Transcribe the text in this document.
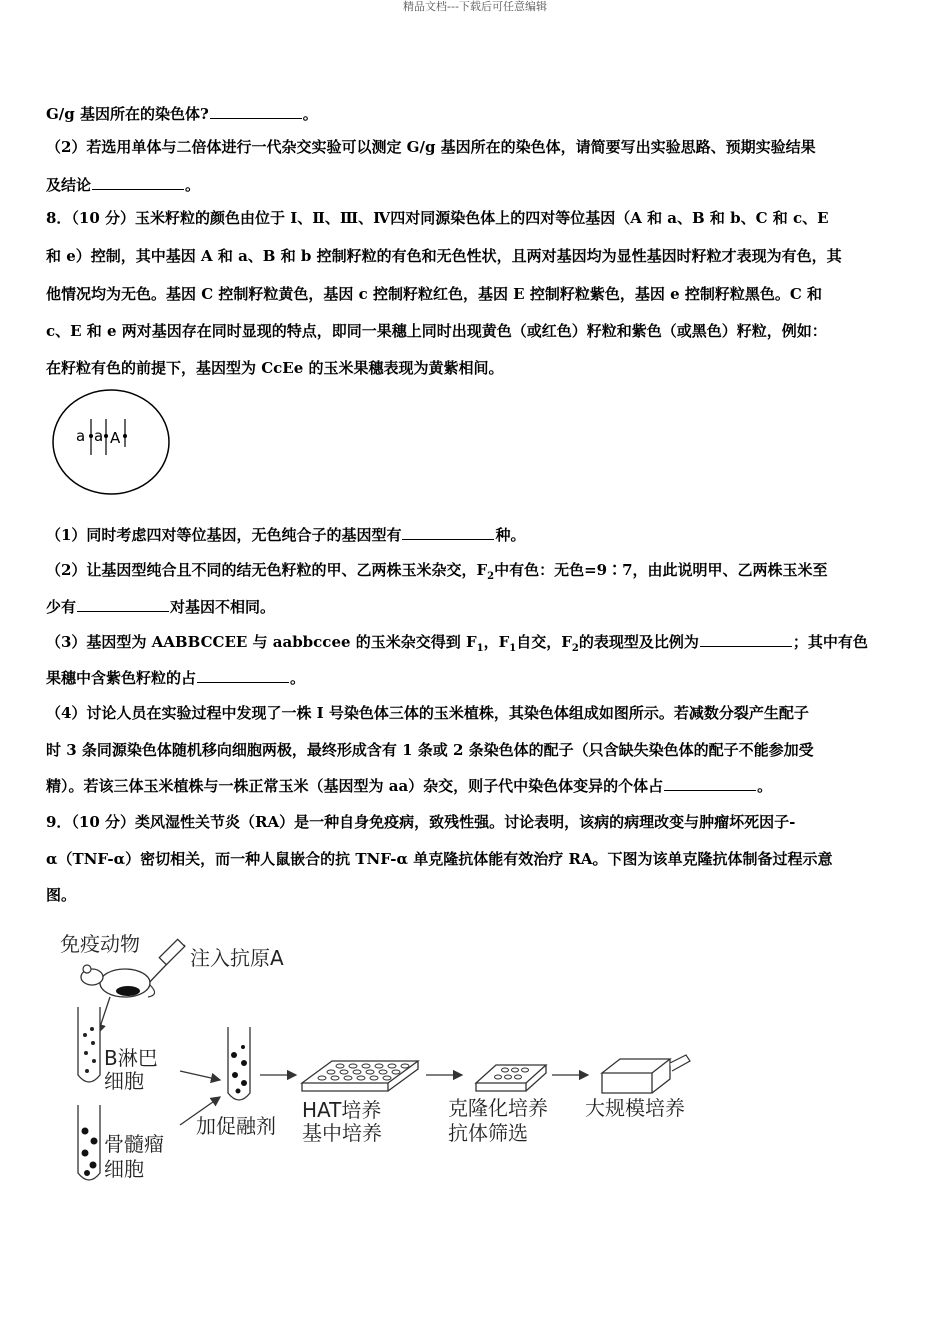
精品文档---下载后可任意编辑
G/g 基因所在的染色体?	。
（2）若选用单体与二倍体进行一代杂交实验可以测定 G/g 基因所在的染色体，请简要写出实验思路、预期实验结果
及结论	。
8．（10 分）玉米籽粒的颜色由位于 Ⅰ、Ⅱ、Ⅲ、Ⅳ四对同源染色体上的四对等位基因（A 和 a、B 和 b、C 和 c、E
和 e）控制，其中基因 A 和 a、B 和 b 控制籽粒的有色和无色性状，且两对基因均为显性基因时籽粒才表现为有色，其
他情况均为无色。基因 C 控制籽粒黄色，基因 c 控制籽粒红色，基因 E 控制籽粒紫色，基因 e 控制籽粒黑色。C 和
c、E 和 e 两对基因存在同时显现的特点，即同一果穗上同时出现黄色（或红色）籽粒和紫色（或黑色）籽粒，例如：
在籽粒有色的前提下，基因型为 CcEe 的玉米果穗表现为黄紫相间。
a a A
（1）同时考虑四对等位基因，无色纯合子的基因型有	种。
（2）让基因型纯合且不同的结无色籽粒的甲、乙两株玉米杂交，$F_2$中有色：无色=9∶7，由此说明甲、乙两株玉米至
少有	对基因不相同。
（3）基因型为 AABBCCEE 与 aabbccee 的玉米杂交得到 $F_1$，$F_1$自交，$F_2$的表现型及比例为	；其中有色
果穗中含紫色籽粒的占	。
（4）讨论人员在实验过程中发现了一株 Ⅰ 号染色体三体的玉米植株，其染色体组成如图所示。若减数分裂产生配子
时 3 条同源染色体随机移向细胞两极，最终形成含有 1 条或 2 条染色体的配子（只含缺失染色体的配子不能参加受
精）。若该三体玉米植株与一株正常玉米（基因型为 aa）杂交，则子代中染色体变异的个体占	。
9．（10 分）类风湿性关节炎（RA）是一种自身免疫病，致残性强。讨论表明，该病的病理改变与肿瘤坏死因子-
α（TNF-α）密切相关，而一种人鼠嵌合的抗 TNF-α 单克隆抗体能有效治疗 RA。下图为该单克隆抗体制备过程示意
图。
免疫动物
注入抗原A
B淋巴
细胞
骨髓瘤
细胞
加促融剂
HAT培养
基中培养
克隆化培养
抗体筛选
大规模培养
